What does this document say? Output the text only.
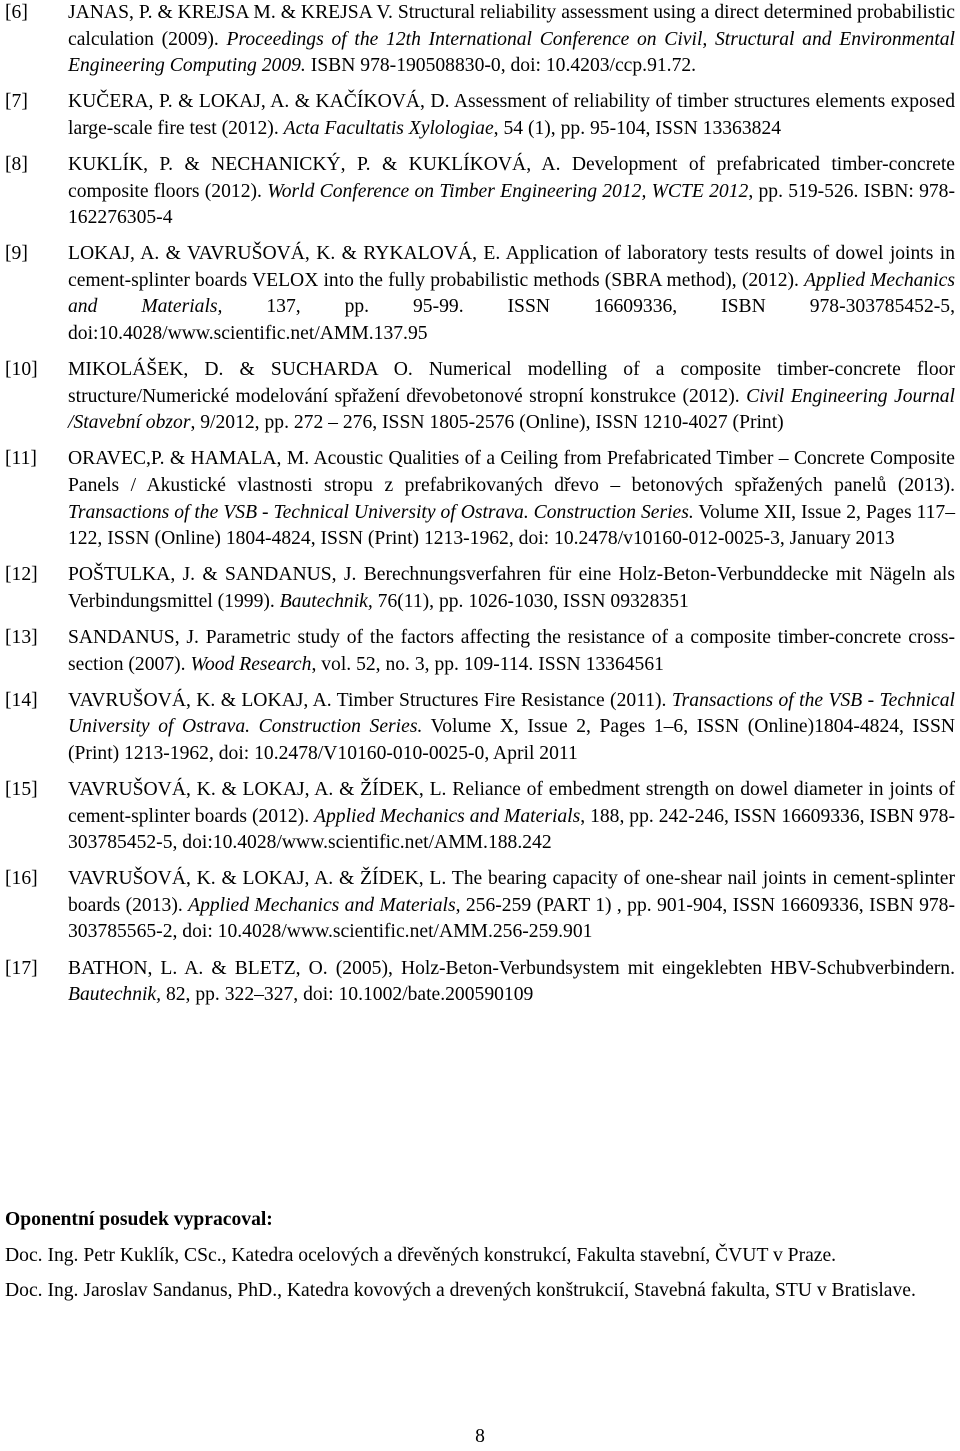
[6]	JANAS, P. & KREJSA M. & KREJSA V. Structural reliability assessment using a direct determined probabilistic calculation (2009). Proceedings of the 12th International Conference on Civil, Structural and Environmental Engineering Computing 2009. ISBN 978-190508830-0, doi: 10.4203/ccp.91.72.
[7]	KUČERA, P. & LOKAJ, A. & KAČÍKOVÁ, D. Assessment of reliability of timber structures elements exposed large-scale fire test (2012). Acta Facultatis Xylologiae, 54 (1), pp. 95-104, ISSN 13363824
[8]	KUKLÍK, P. & NECHANICKÝ, P. & KUKLÍKOVÁ, A. Development of prefabricated timber-concrete composite floors (2012). World Conference on Timber Engineering 2012, WCTE 2012, pp. 519-526. ISBN: 978-162276305-4
[9]	LOKAJ, A. & VAVRUŠOVÁ, K. & RYKALOVÁ, E. Application of laboratory tests results of dowel joints in cement-splinter boards VELOX into the fully probabilistic methods (SBRA method), (2012). Applied Mechanics and Materials, 137, pp. 95-99. ISSN 16609336, ISBN 978-303785452-5, doi:10.4028/www.scientific.net/AMM.137.95
[10]	MIKOLÁŠEK, D. & SUCHARDA O. Numerical modelling of a composite timber-concrete floor structure/Numerické modelování spřažení dřevobetonové stropní konstrukce (2012). Civil Engineering Journal /Stavební obzor, 9/2012, pp. 272 – 276, ISSN 1805-2576 (Online), ISSN 1210-4027 (Print)
[11]	ORAVEC,P. & HAMALA, M. Acoustic Qualities of a Ceiling from Prefabricated Timber – Concrete Composite Panels / Akustické vlastnosti stropu z prefabrikovaných dřevo – betonových spřažených panelů (2013). Transactions of the VSB - Technical University of Ostrava. Construction Series. Volume XII, Issue 2, Pages 117–122, ISSN (Online) 1804-4824, ISSN (Print) 1213-1962, doi: 10.2478/v10160-012-0025-3, January 2013
[12]	POŠTULKA, J. & SANDANUS, J. Berechnungsverfahren für eine Holz-Beton-Verbunddecke mit Nägeln als Verbindungsmittel (1999). Bautechnik, 76(11), pp. 1026-1030, ISSN 09328351
[13]	SANDANUS, J. Parametric study of the factors affecting the resistance of a composite timber-concrete cross-section (2007). Wood Research, vol. 52, no. 3, pp. 109-114. ISSN 13364561
[14]	VAVRUŠOVÁ, K. & LOKAJ, A. Timber Structures Fire Resistance (2011). Transactions of the VSB - Technical University of Ostrava. Construction Series. Volume X, Issue 2, Pages 1–6, ISSN (Online)1804-4824, ISSN (Print) 1213-1962, doi: 10.2478/V10160-010-0025-0, April 2011
[15]	VAVRUŠOVÁ, K. & LOKAJ, A. & ŽÍDEK, L. Reliance of embedment strength on dowel diameter in joints of cement-splinter boards (2012). Applied Mechanics and Materials, 188, pp. 242-246, ISSN 16609336, ISBN 978-303785452-5, doi:10.4028/www.scientific.net/AMM.188.242
[16]	VAVRUŠOVÁ, K. & LOKAJ, A. & ŽÍDEK, L. The bearing capacity of one-shear nail joints in cement-splinter boards (2013). Applied Mechanics and Materials, 256-259 (PART 1) , pp. 901-904, ISSN 16609336, ISBN 978-303785565-2, doi: 10.4028/www.scientific.net/AMM.256-259.901
[17]	BATHON, L. A. & BLETZ, O. (2005), Holz-Beton-Verbundsystem mit eingeklebten HBV-Schubverbindern. Bautechnik, 82, pp. 322–327, doi: 10.1002/bate.200590109
Oponentní posudek vypracoval:
Doc. Ing. Petr Kuklík, CSc., Katedra ocelových a dřevěných konstrukcí, Fakulta stavební, ČVUT v Praze.
Doc. Ing. Jaroslav Sandanus, PhD., Katedra kovových a drevených konštrukcií, Stavebná fakulta, STU v Bratislave.
8
